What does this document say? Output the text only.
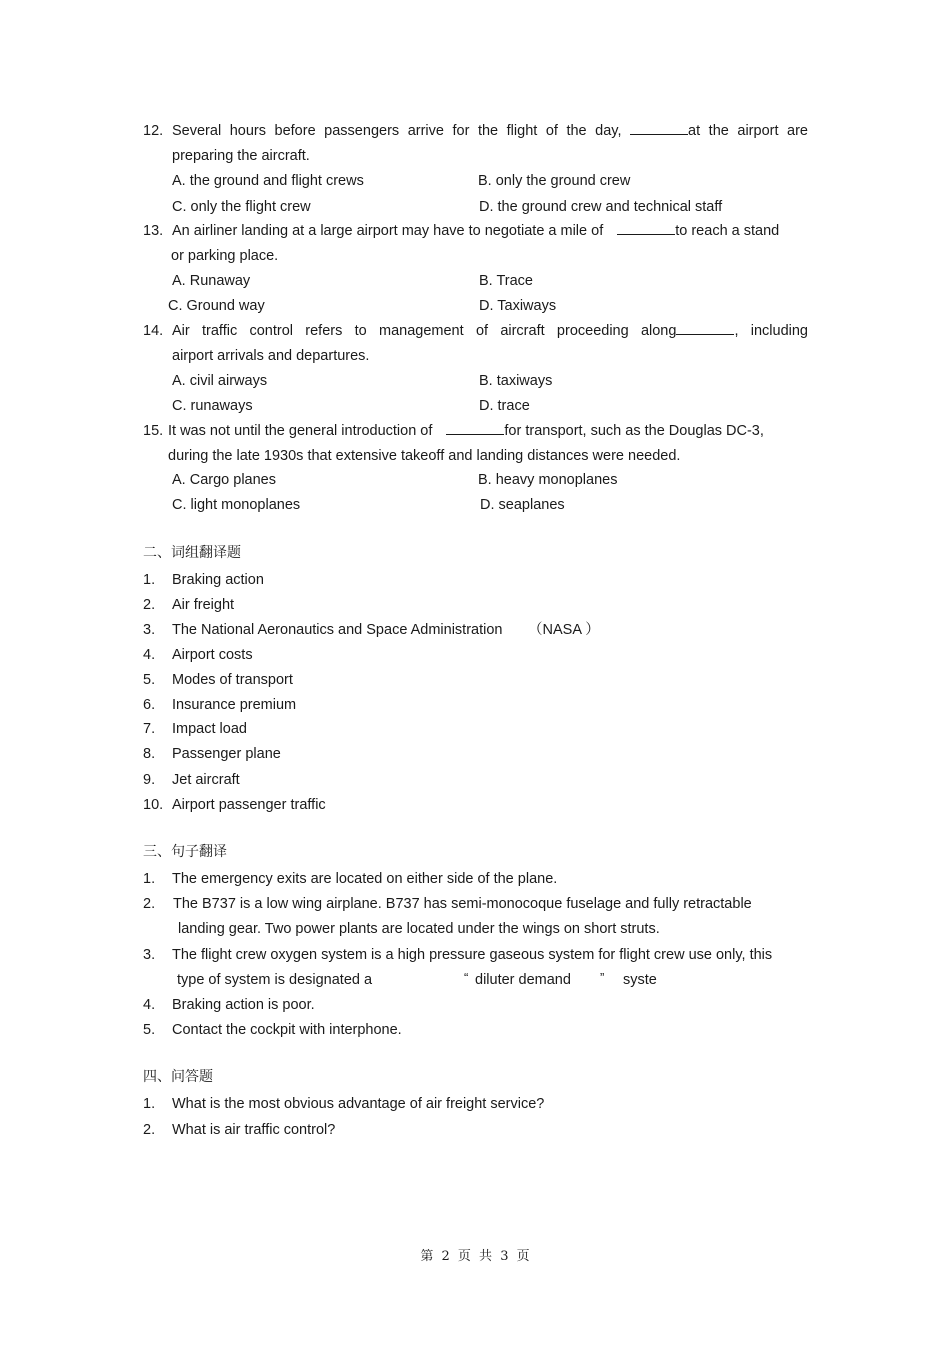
12. Several hours before passengers arrive for the flight of the day,	at the airport are
preparing the aircraft.
A. the ground and flight crews	B. only the ground crew
C. only the flight crew	D. the ground crew and technical staff
13. An airliner landing at a large airport may have to negotiate a mile of	to reach a stand
or parking place.
A. Runaway	B. Trace
C. Ground way	D. Taxiways
14. Air traffic control refers to management of aircraft proceeding along	, including
airport arrivals and departures.
A. civil airways	B. taxiways
C. runaways	D. trace
15. It was not until the general introduction of	for transport, such as the Douglas DC-3,
during the late 1930s that extensive takeoff and landing distances were needed.
A. Cargo planes	B. heavy monoplanes
C. light monoplanes	D. seaplanes
二、词组翻译题
1. Braking action
2. Air freight
3. The National Aeronautics and Space Administration （NASA ）
4. Airport costs
5. Modes of transport
6. Insurance premium
7. Impact load
8. Passenger plane
9. Jet aircraft
10. Airport passenger traffic
三、句子翻译
1. The emergency exits are located on either side of the plane.
2. The B737 is a low wing airplane. B737 has semi-monocoque fuselage and fully retractable
landing gear. Two power plants are located under the wings on short struts.
3. The flight crew oxygen system is a high pressure gaseous system for flight crew use only, this
type of system is designated a	“ diluter demand ” syste
4. Braking action is poor.
5. Contact the cockpit with interphone.
四、问答题
1. What is the most obvious advantage of air freight service?
2. What is air traffic control?
第 2 页 共 3 页
